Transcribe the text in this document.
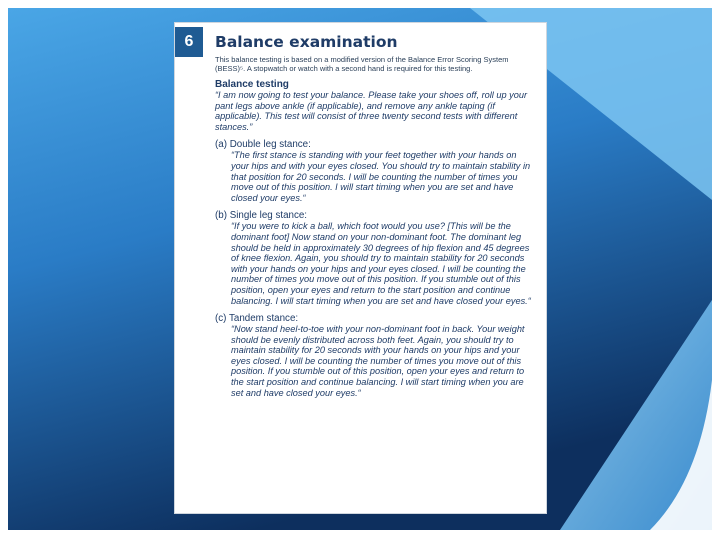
6	Balance examination

This balance testing is based on a modified version of the Balance Error Scoring System (BESS)⁵. A stopwatch or watch with a second hand is required for this testing.

Balance testing

“I am now going to test your balance. Please take your shoes off, roll up your pant legs above ankle (if applicable), and remove any ankle taping (if applicable). This test will consist of three twenty second tests with different stances.”

(a) Double leg stance:

“The first stance is standing with your feet together with your hands on your hips and with your eyes closed. You should try to maintain stability in that position for 20 seconds. I will be counting the number of times you move out of this position. I will start timing when you are set and have closed your eyes.“

(b) Single leg stance:

“If you were to kick a ball, which foot would you use? [This will be the dominant foot] Now stand on your non-dominant foot. The dominant leg should be held in approximately 30 degrees of hip flexion and 45 degrees of knee flexion. Again, you should try to maintain stability for 20 seconds with your hands on your hips and your eyes closed. I will be counting the number of times you move out of this position. If you stumble out of this position, open your eyes and return to the start position and continue balancing. I will start timing when you are set and have closed your eyes.“

(c) Tandem stance:

“Now stand heel-to-toe with your non-dominant foot in back. Your weight should be evenly distributed across both feet. Again, you should try to maintain stability for 20 seconds with your hands on your hips and your eyes closed. I will be counting the number of times you move out of this position. If you stumble out of this position, open your eyes and return to the start position and continue balancing. I will start timing when you are set and have closed your eyes.“
